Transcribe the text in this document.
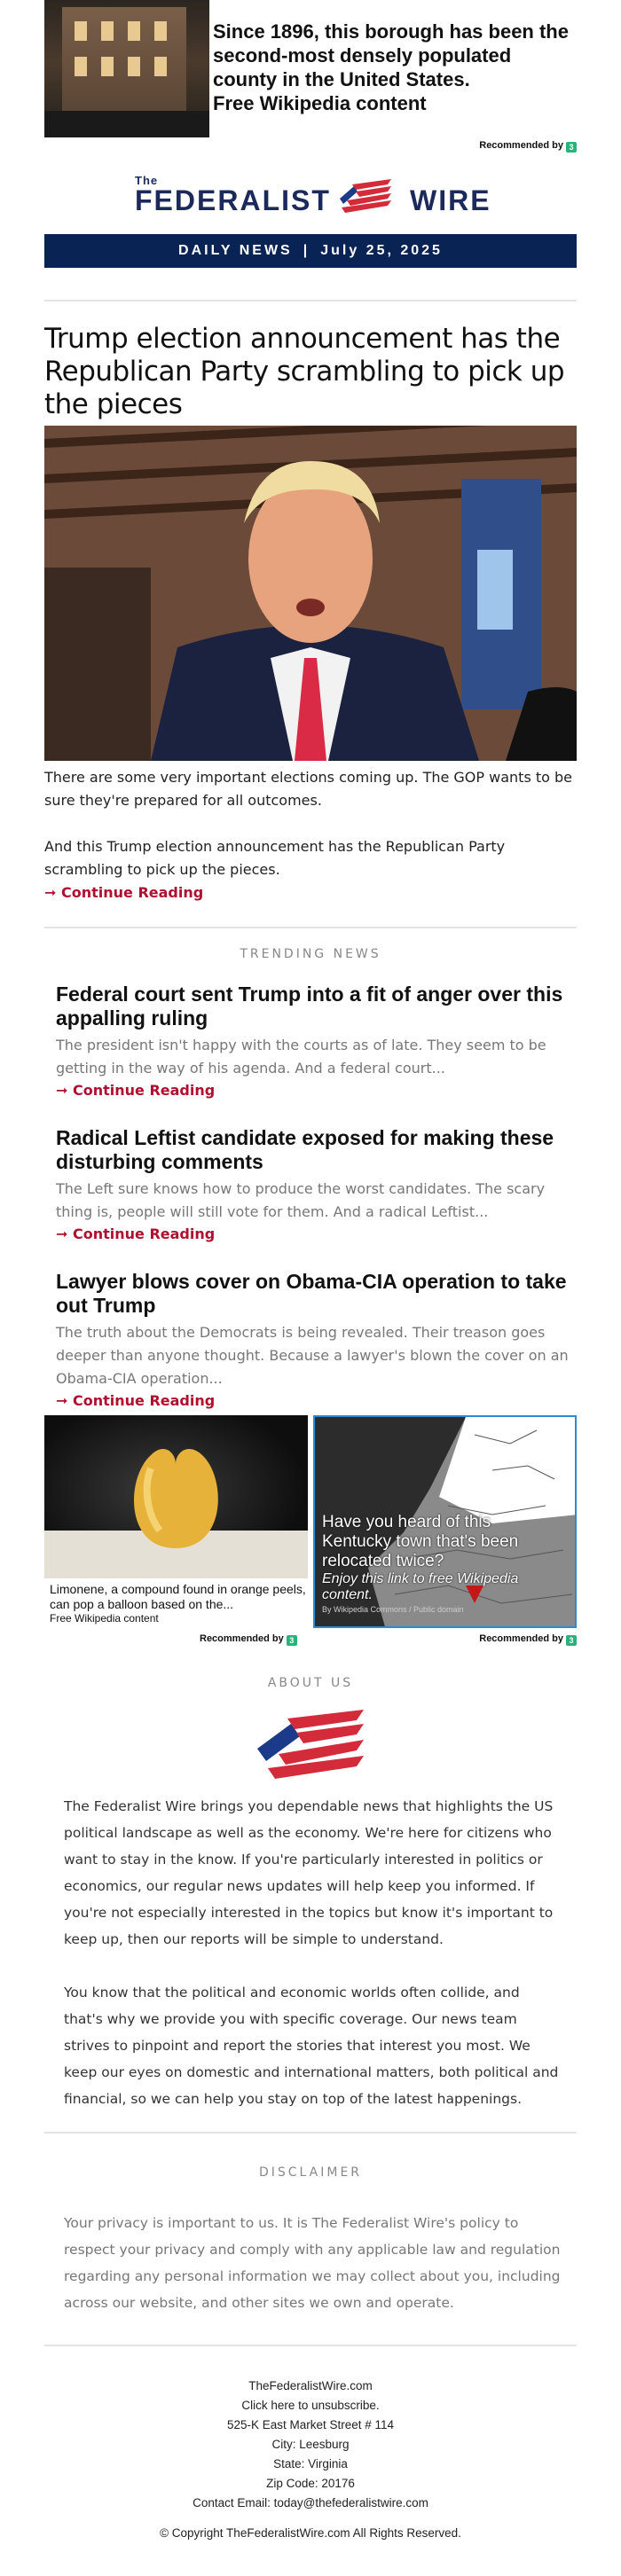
Since 1896, this borough has been the second-most densely populated county in the United States.
Free Wikipedia content
Recommended by 3
The
FEDERALIST	WIRE
DAILY NEWS | July 25, 2025
Trump election announcement has the Republican Party scrambling to pick up the pieces

There are some very important elections coming up. The GOP wants to be sure they're prepared for all outcomes.

And this Trump election announcement has the Republican Party scrambling to pick up the pieces.

➞ Continue Reading
TRENDING NEWS
Federal court sent Trump into a fit of anger over this appalling ruling

The president isn't happy with the courts as of late. They seem to be getting in the way of his agenda. And a federal court...

➞ Continue Reading
Radical Leftist candidate exposed for making these disturbing comments

The Left sure knows how to produce the worst candidates. The scary thing is, people will still vote for them. And a radical Leftist...

➞ Continue Reading
Lawyer blows cover on Obama-CIA operation to take out Trump

The truth about the Democrats is being revealed. Their treason goes deeper than anyone thought. Because a lawyer's blown the cover on an Obama-CIA operation...

➞ Continue Reading
Limonene, a compound found in orange peels, can pop a balloon based on the...
Free Wikipedia content
Have you heard of this Kentucky town that's been relocated twice?
Enjoy this link to free Wikipedia content.
By Wikipedia Commons / Public domain
Recommended by 3	Recommended by 3
ABOUT US
The Federalist Wire brings you dependable news that highlights the US political landscape as well as the economy. We're here for citizens who want to stay in the know. If you're particularly interested in politics or economics, our regular news updates will help keep you informed. If you're not especially interested in the topics but know it's important to keep up, then our reports will be simple to understand.
You know that the political and economic worlds often collide, and that's why we provide you with specific coverage. Our news team strives to pinpoint and report the stories that interest you most. We keep our eyes on domestic and international matters, both political and financial, so we can help you stay on top of the latest happenings.
DISCLAIMER
Your privacy is important to us. It is The Federalist Wire's policy to respect your privacy and comply with any applicable law and regulation regarding any personal information we may collect about you, including across our website, and other sites we own and operate.
TheFederalistWire.com
Click here to unsubscribe.
525-K East Market Street # 114
City: Leesburg
State: Virginia
Zip Code: 20176
Contact Email: today@thefederalistwire.com
© Copyright TheFederalistWire.com All Rights Reserved.
